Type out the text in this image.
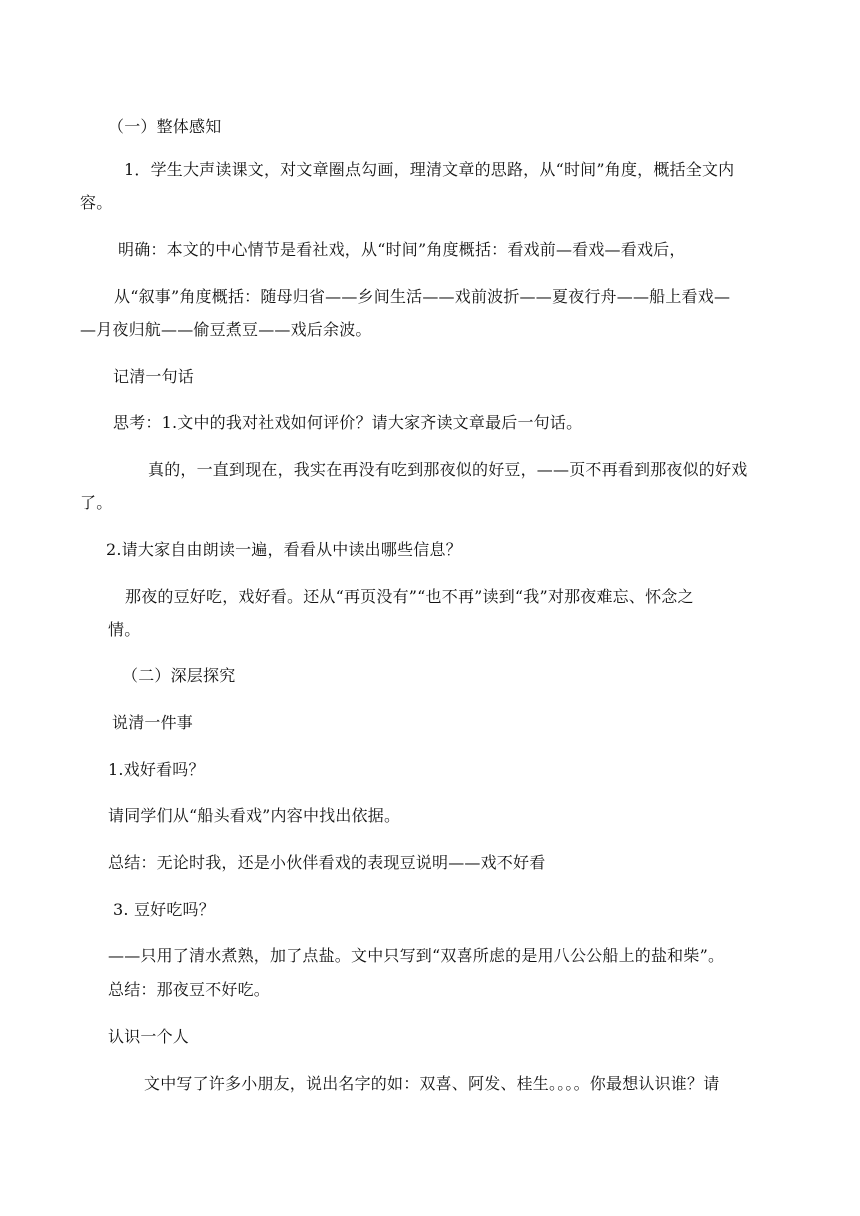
（一）整体感知
1．学生大声读课文，对文章圈点勾画，理清文章的思路，从“时间”角度，概括全文内
容。
明确：本文的中心情节是看社戏，从“时间”角度概括：看戏前—看戏—看戏后，
从“叙事”角度概括：随母归省——乡间生活——戏前波折——夏夜行舟——船上看戏—
—月夜归航——偷豆煮豆——戏后余波。
记清一句话
思考：1.文中的我对社戏如何评价？请大家齐读文章最后一句话。
真的，一直到现在，我实在再没有吃到那夜似的好豆，——页不再看到那夜似的好戏
了。
2.请大家自由朗读一遍，看看从中读出哪些信息？
那夜的豆好吃，戏好看。还从“再页没有”“也不再”读到“我”对那夜难忘、怀念之
情。
（二）深层探究
说清一件事
1.戏好看吗？
请同学们从“船头看戏”内容中找出依据。
总结：无论时我，还是小伙伴看戏的表现豆说明——戏不好看
3. 豆好吃吗？
——只用了清水煮熟，加了点盐。文中只写到“双喜所虑的是用八公公船上的盐和柴”。
总结：那夜豆不好吃。
认识一个人
文中写了许多小朋友，说出名字的如：双喜、阿发、桂生。。。。你最想认识谁？请
